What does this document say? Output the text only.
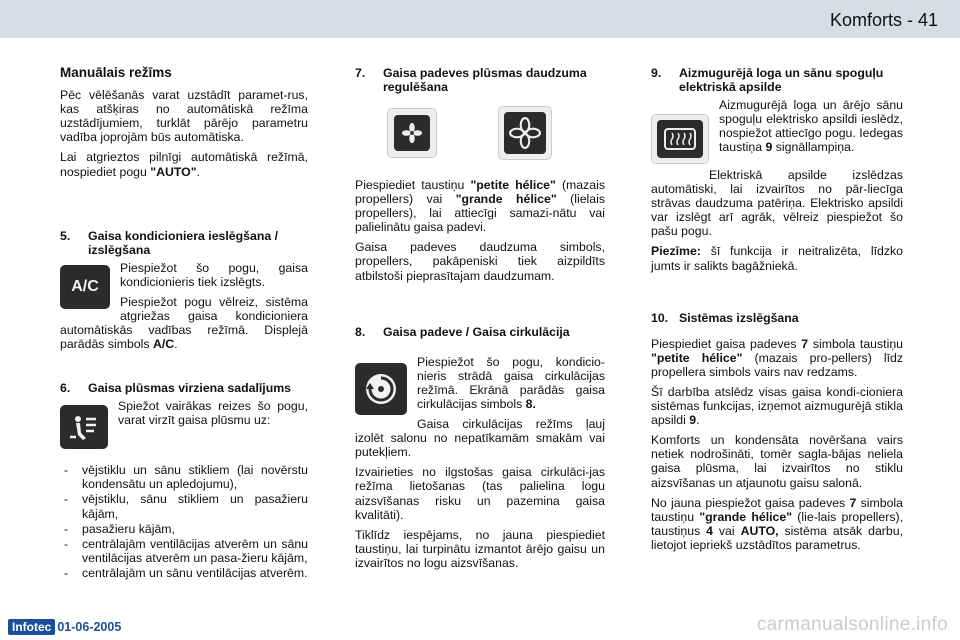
Komforts - 41
Manuālais režīms

Pēc vēlēšanās varat uzstādīt paramet-rus, kas atšķiras no automātiskā režīma uzstādījumiem, turklāt pārējo parametru vadība joprojām būs automātiska.

Lai atgrieztos pilnīgi automātiskā režīmā, nospiediet pogu "AUTO".

5. Gaisa kondicioniera ieslēgšana / izslēgšana
A/C

Piespiežot šo pogu, gaisa kondicionieris tiek izslēgts.

Piespiežot pogu vēlreiz, sistēma atgriežas gaisa kondicioniera automātiskās vadības režīmā. Displejā parādās simbols A/C.

6. Gaisa plūsmas virziena sadalījums

Spiežot vairākas reizes šo pogu, varat virzīt gaisa plūsmu uz:

- vējstiklu un sānu stikliem (lai novērstu kondensātu un apledojumu),
- vējstiklu, sānu stikliem un pasažieru kājām,
- pasažieru kājām,
- centrālajām ventilācijas atverēm un sānu ventilācijas atverēm un pasa-žieru kājām,
- centrālajām un sānu ventilācijas atverēm.
7. Gaisa padeves plūsmas daudzuma regulēšana

Piespiediet taustiņu "petite hélice" (mazais propellers) vai "grande hélice" (lielais propellers), lai attiecīgi samazi-nātu vai palielinātu gaisa padevi.

Gaisa padeves daudzuma simbols, propellers, pakāpeniski tiek aizpildīts atbilstoši pieprasītajam daudzumam.

8. Gaisa padeve / Gaisa cirkulācija

Piespiežot šo pogu, kondicio-nieris strādā gaisa cirkulācijas režīmā. Ekrānā parādās gaisa cirkulācijas simbols 8.

Gaisa cirkulācijas režīms ļauj izolēt salonu no nepatīkamām smakām vai putekļiem.

Izvairieties no ilgstošas gaisa cirkulāci-jas režīma lietošanas (tas palielina logu aizsvīšanas risku un pazemina gaisa kvalitāti).

Tiklīdz iespējams, no jauna piespiediet taustiņu, lai turpinātu izmantot ārējo gaisu un izvairītos no logu aizsvīšanas.

9. Aizmugurējā loga un sānu spoguļu elektriskā apsilde

Aizmugurējā loga un ārējo sānu spoguļu elektrisko apsildi ieslēdz, nospiežot attiecīgo pogu. Iedegas taustiņa 9 signāllampiņa.

Elektriskā apsilde izslēdzas automātiski, lai izvairītos no pār-liecīga strāvas daudzuma patēriņa. Elektrisko apsildi var izslēgt arī agrāk, vēlreiz piespiežot šo pašu pogu.

Piezīme: šī funkcija ir neitralizēta, līdzko jumts ir salikts bagāžniekā.

10. Sistēmas izslēgšana

Piespiediet gaisa padeves 7 simbola taustiņu "petite hélice" (mazais pro-pellers) līdz propellera simbols vairs nav redzams.

Šī darbība atslēdz visas gaisa kondi-cioniera sistēmas funkcijas, izņemot aizmugurējā stikla apsildi 9.

Komforts un kondensāta novēršana vairs netiek nodrošināti, tomēr sagla-bājas neliela gaisa plūsma, lai izvairītos no stiklu aizsvīšanas un atjaunotu gaisu salonā.

No jauna piespiežot gaisa padeves 7 simbola taustiņu "grande hélice" (lie-lais propellers), taustiņus 4 vai AUTO, sistēma atsāk darbu, lietojot iepriekš uzstādītos parametrus.

Infotec 01-06-2005	carmanualsonline.info
